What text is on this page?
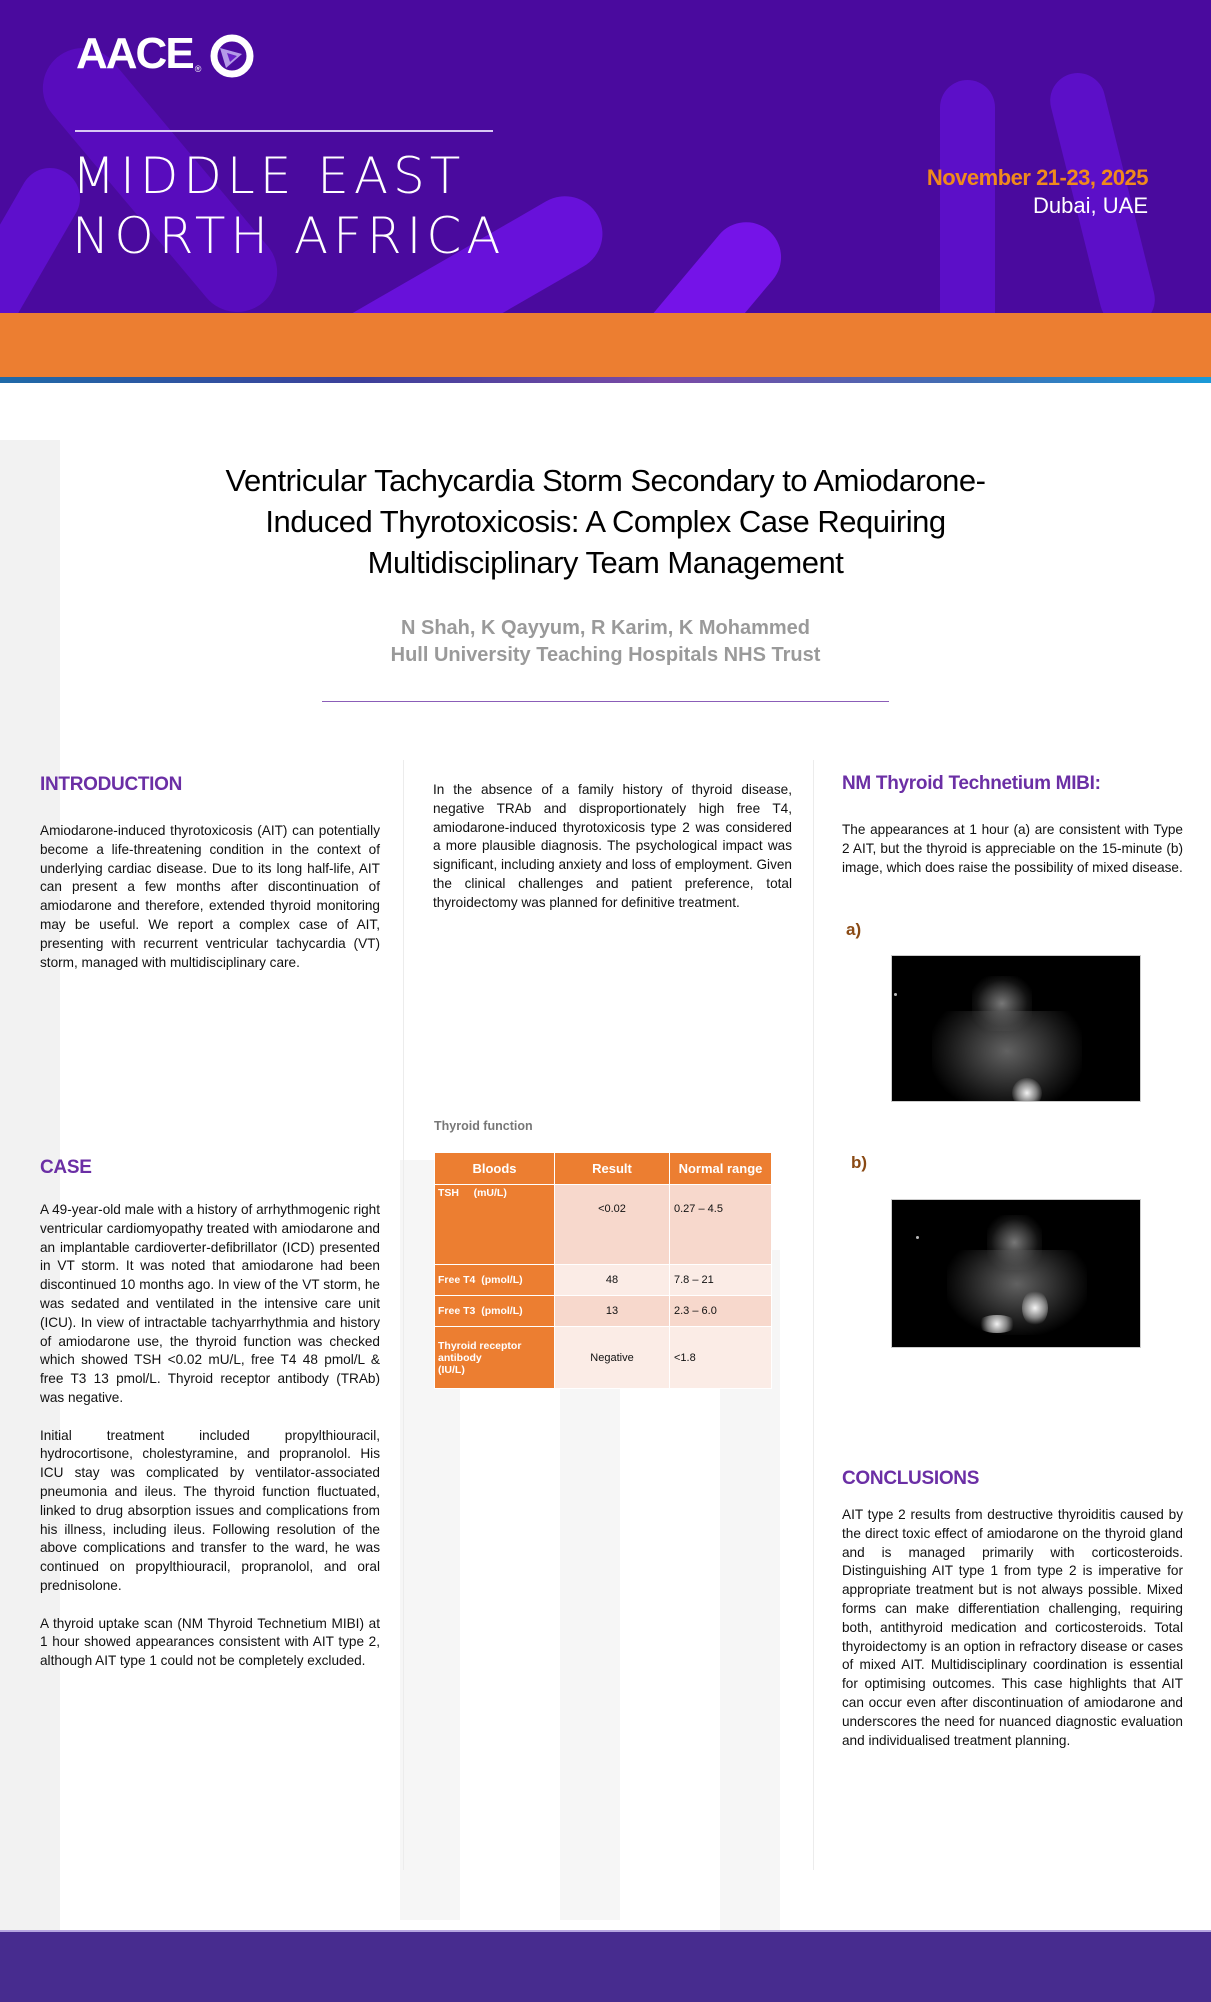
AACE ®
MIDDLE EAST
NORTH AFRICA
November 21-23, 2025
Dubai, UAE
Ventricular Tachycardia Storm Secondary to Amiodarone-
Induced Thyrotoxicosis: A Complex Case Requiring
Multidisciplinary Team Management
N Shah, K Qayyum, R Karim, K Mohammed
Hull University Teaching Hospitals NHS Trust
INTRODUCTION
Amiodarone-induced thyrotoxicosis (AIT) can potentially become a life-threatening condition in the context of underlying cardiac disease. Due to its long half-life, AIT can present a few months after discontinuation of amiodarone and therefore, extended thyroid monitoring may be useful. We report a complex case of AIT, presenting with recurrent ventricular tachycardia (VT) storm, managed with multidisciplinary care.
CASE

A 49-year-old male with a history of arrhythmogenic right ventricular cardiomyopathy treated with amiodarone and an implantable cardioverter-defibrillator (ICD) presented in VT storm. It was noted that amiodarone had been discontinued 10 months ago. In view of the VT storm, he was sedated and ventilated in the intensive care unit (ICU). In view of intractable tachyarrhythmia and history of amiodarone use, the thyroid function was checked which showed TSH <0.02 mU/L, free T4 48 pmol/L & free T3 13 pmol/L. Thyroid receptor antibody (TRAb) was negative.

Initial treatment included propylthiouracil, hydrocortisone, cholestyramine, and propranolol. His ICU stay was complicated by ventilator-associated pneumonia and ileus. The thyroid function fluctuated, linked to drug absorption issues and complications from his illness, including ileus. Following resolution of the above complications and transfer to the ward, he was continued on propylthiouracil, propranolol, and oral prednisolone.

A thyroid uptake scan (NM Thyroid Technetium MIBI) at 1 hour showed appearances consistent with AIT type 2, although AIT type 1 could not be completely excluded.

In the absence of a family history of thyroid disease, negative TRAb and disproportionately high free T4, amiodarone-induced thyrotoxicosis type 2 was considered a more plausible diagnosis. The psychological impact was significant, including anxiety and loss of employment. Given the clinical challenges and patient preference, total thyroidectomy was planned for definitive treatment.
Thyroid function
Bloods	Result	Normal range
TSH (mU/L)	<0.02	0.27 – 4.5
Free T4 (pmol/L)	48	7.8 – 21
Free T3 (pmol/L)	13	2.3 – 6.0

Thyroid receptor antibody
(IU/L)	Negative	<1.8
NM Thyroid Technetium MIBI:
The appearances at 1 hour (a) are consistent with Type 2 AIT, but the thyroid is appreciable on the 15-minute (b) image, which does raise the possibility of mixed disease.
a)
b)
CONCLUSIONS
AIT type 2 results from destructive thyroiditis caused by the direct toxic effect of amiodarone on the thyroid gland and is managed primarily with corticosteroids. Distinguishing AIT type 1 from type 2 is imperative for appropriate treatment but is not always possible. Mixed forms can make differentiation challenging, requiring both, antithyroid medication and corticosteroids. Total thyroidectomy is an option in refractory disease or cases of mixed AIT. Multidisciplinary coordination is essential for optimising outcomes. This case highlights that AIT can occur even after discontinuation of amiodarone and underscores the need for nuanced diagnostic evaluation and individualised treatment planning.
